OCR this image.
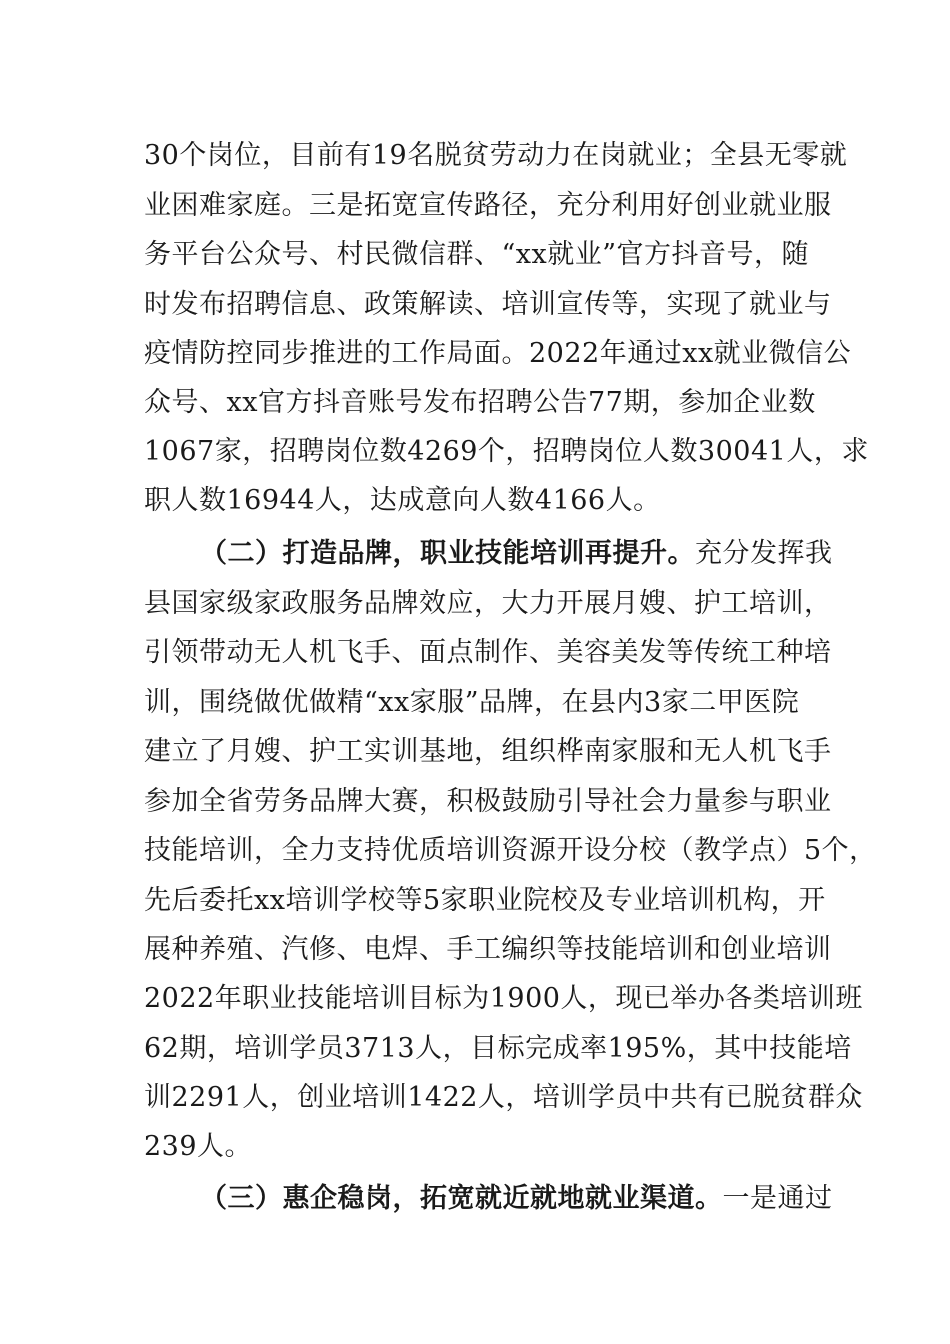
30个岗位，目前有19名脱贫劳动力在岗就业；全县无零就
业困难家庭。三是拓宽宣传路径，充分利用好创业就业服
务平台公众号、村民微信群、“xx就业”官方抖音号，随
时发布招聘信息、政策解读、培训宣传等，实现了就业与
疫情防控同步推进的工作局面。2022年通过xx就业微信公
众号、xx官方抖音账号发布招聘公告77期，参加企业数
1067家，招聘岗位数4269个，招聘岗位人数30041人，求
职人数16944人，达成意向人数4166人。
（二）打造品牌，职业技能培训再提升。充分发挥我
县国家级家政服务品牌效应，大力开展月嫂、护工培训，
引领带动无人机飞手、面点制作、美容美发等传统工种培
训，围绕做优做精“xx家服”品牌，在县内3家二甲医院
建立了月嫂、护工实训基地，组织桦南家服和无人机飞手
参加全省劳务品牌大赛，积极鼓励引导社会力量参与职业
技能培训，全力支持优质培训资源开设分校（教学点）5个，
先后委托xx培训学校等5家职业院校及专业培训机构，开
展种养殖、汽修、电焊、手工编织等技能培训和创业培训
2022年职业技能培训目标为1900人，现已举办各类培训班
62期，培训学员3713人，目标完成率195%，其中技能培
训2291人，创业培训1422人，培训学员中共有已脱贫群众
239人。
（三）惠企稳岗，拓宽就近就地就业渠道。一是通过
